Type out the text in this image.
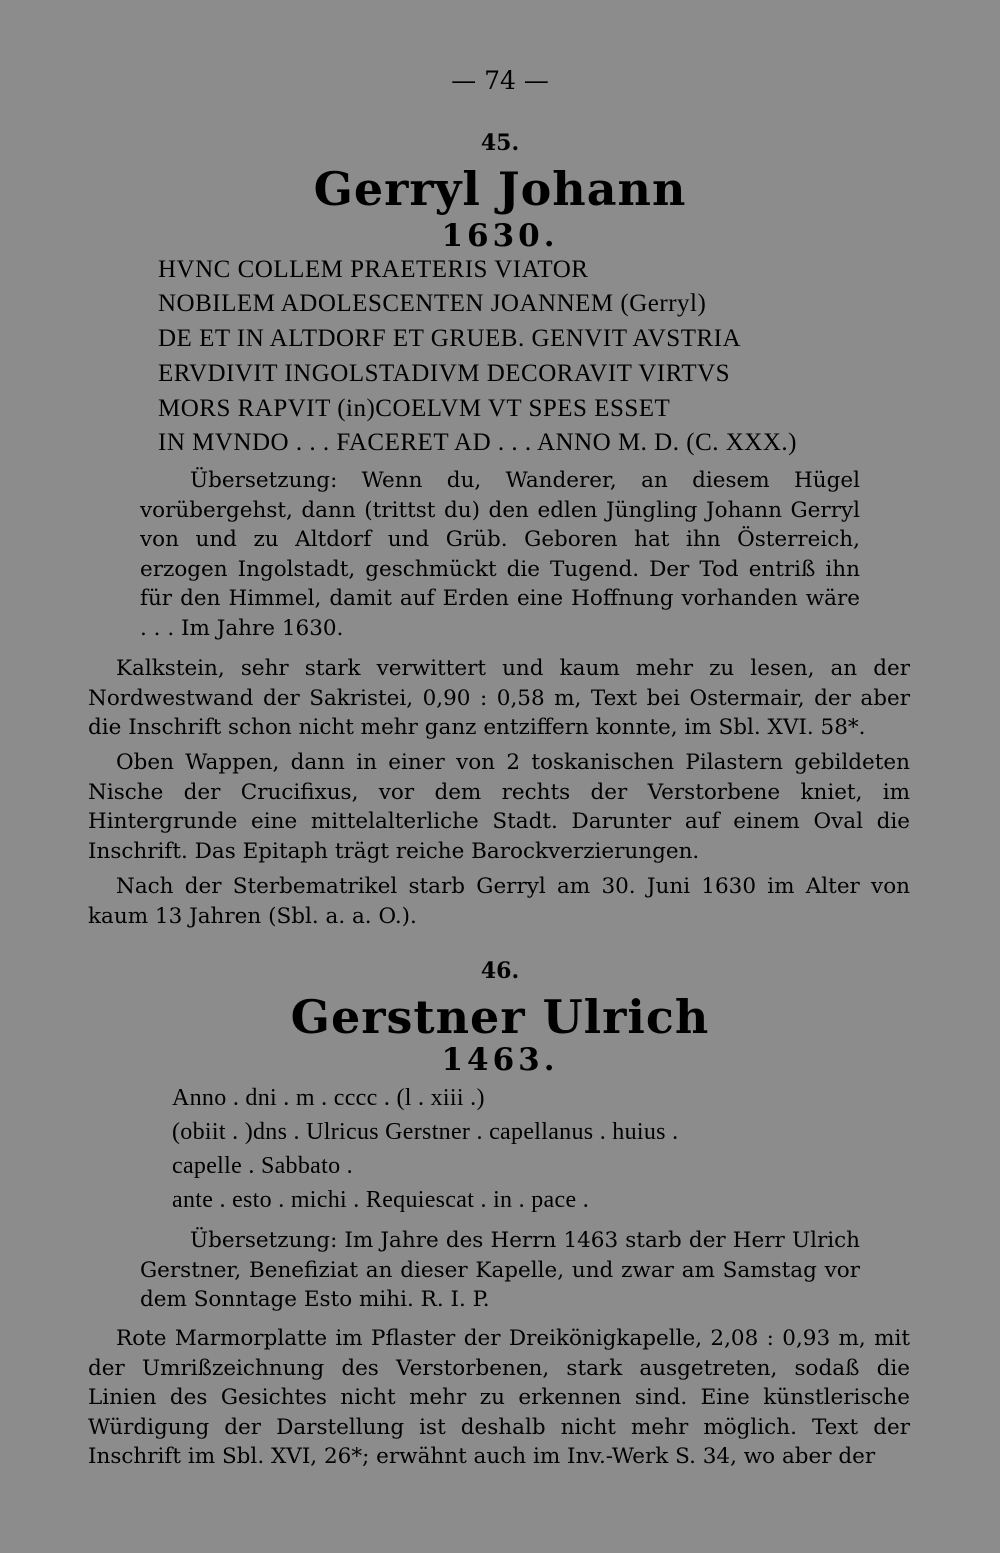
— 74 —
45.
Gerryl Johann
1630.
HVNC COLLEM PRAETERIS VIATOR
NOBILEM ADOLESCENTEN JOANNEM (Gerryl)
DE ET IN ALTDORF ET GRUEB. GENVIT AVSTRIA
ERVDIVIT INGOLSTADIVM DECORAVIT VIRTVS
MORS RAPVIT (in)COELVM VT SPES ESSET
IN MVNDO . . . FACERET AD . . . ANNO M. D. (C. XXX.)
Übersetzung: Wenn du, Wanderer, an diesem Hügel vorübergehst, dann (trittst du) den edlen Jüngling Johann Gerryl von und zu Altdorf und Grüb. Geboren hat ihn Österreich, erzogen Ingolstadt, geschmückt die Tugend. Der Tod entriß ihn für den Himmel, damit auf Erden eine Hoffnung vorhanden wäre . . . Im Jahre 1630.
Kalkstein, sehr stark verwittert und kaum mehr zu lesen, an der Nordwestwand der Sakristei, 0,90 : 0,58 m, Text bei Ostermair, der aber die Inschrift schon nicht mehr ganz entziffern konnte, im Sbl. XVI. 58*.
Oben Wappen, dann in einer von 2 toskanischen Pilastern gebildeten Nische der Crucifixus, vor dem rechts der Verstorbene kniet, im Hintergrunde eine mittelalterliche Stadt. Darunter auf einem Oval die Inschrift. Das Epitaph trägt reiche Barockverzierungen.
Nach der Sterbematrikel starb Gerryl am 30. Juni 1630 im Alter von kaum 13 Jahren (Sbl. a. a. O.).
46.
Gerstner Ulrich
1463.
Anno . dni . m . cccc . (l . xiii .)
(obiit . )dns . Ulricus Gerstner . capellanus . huius .
capelle . Sabbato .
ante . esto . michi . Requiescat . in . pace .
Übersetzung: Im Jahre des Herrn 1463 starb der Herr Ulrich Gerstner, Benefiziat an dieser Kapelle, und zwar am Samstag vor dem Sonntage Esto mihi. R. I. P.
Rote Marmorplatte im Pflaster der Dreikönigkapelle, 2,08 : 0,93 m, mit der Umrißzeichnung des Verstorbenen, stark ausgetreten, sodaß die Linien des Gesichtes nicht mehr zu erkennen sind. Eine künstlerische Würdigung der Darstellung ist deshalb nicht mehr möglich. Text der Inschrift im Sbl. XVI, 26*; erwähnt auch im Inv.-Werk S. 34, wo aber der
